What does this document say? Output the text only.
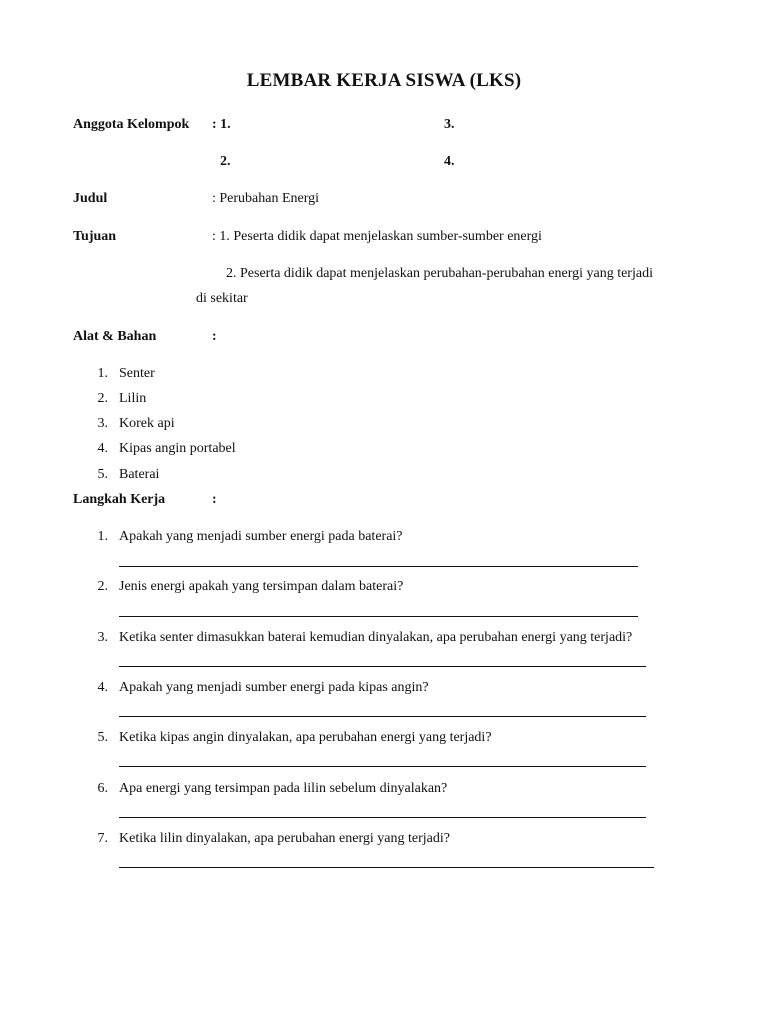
LEMBAR KERJA SISWA (LKS)
Anggota Kelompok : 1.	3.
2.	4.
Judul	: Perubahan Energi
Tujuan	: 1. Peserta didik dapat menjelaskan sumber-sumber energi
2. Peserta didik dapat menjelaskan perubahan-perubahan energi yang terjadi
di sekitar
Alat & Bahan	:
1. Senter
2. Lilin
3. Korek api
4. Kipas angin portabel
5. Baterai
Langkah Kerja	:
1. Apakah yang menjadi sumber energi pada baterai?
2. Jenis energi apakah yang tersimpan dalam baterai?
3. Ketika senter dimasukkan baterai kemudian dinyalakan, apa perubahan energi yang terjadi?
4. Apakah yang menjadi sumber energi pada kipas angin?
5. Ketika kipas angin dinyalakan, apa perubahan energi yang terjadi?
6. Apa energi yang tersimpan pada lilin sebelum dinyalakan?
7. Ketika lilin dinyalakan, apa perubahan energi yang terjadi?
